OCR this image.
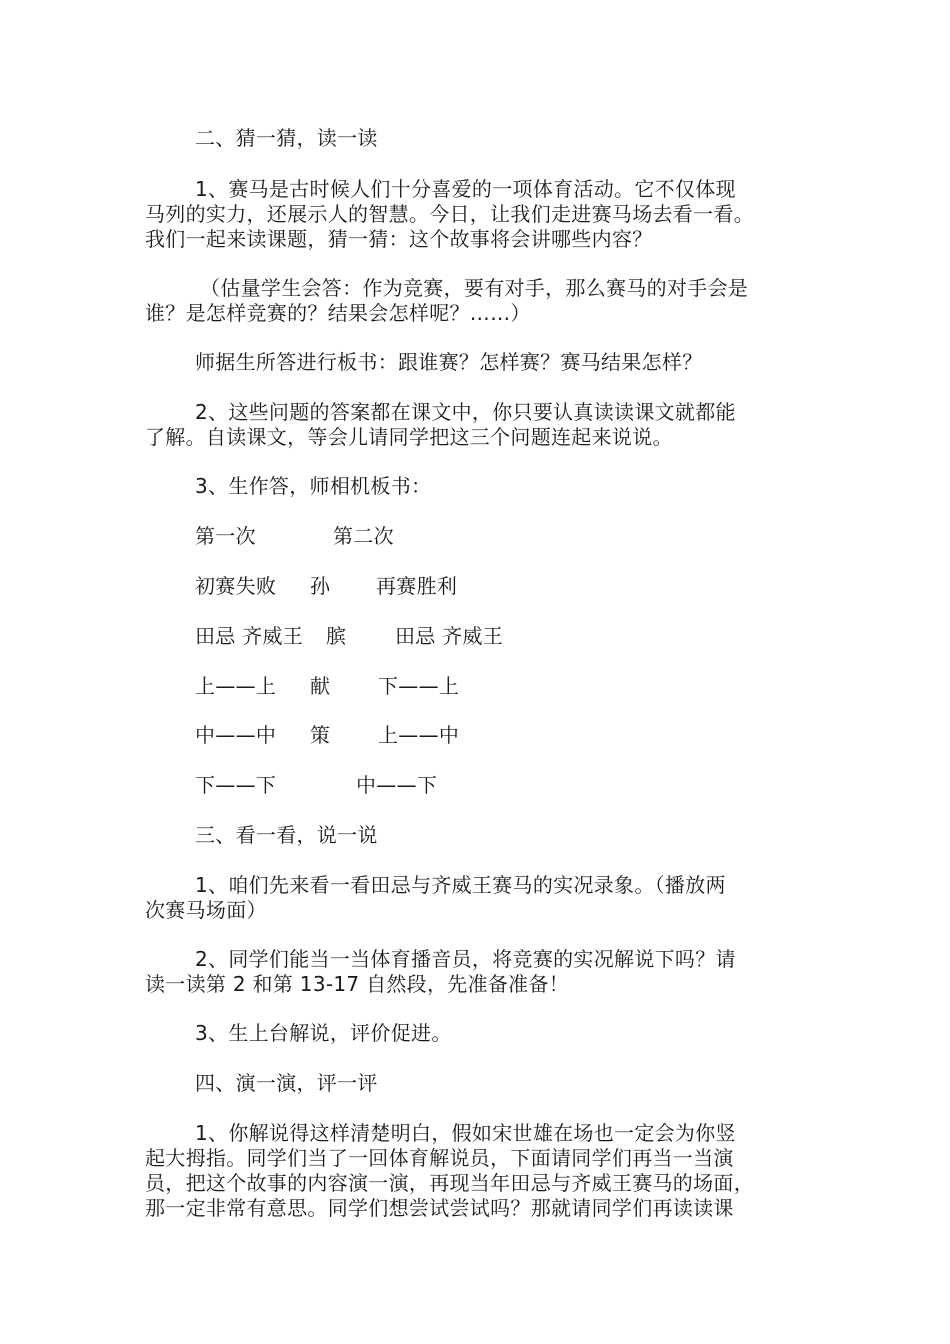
二、猜一猜，读一读
1、赛马是古时候人们十分喜爱的一项体育活动。它不仅体现
马列的实力，还展示人的智慧。今日，让我们走进赛马场去看一看。
我们一起来读课题，猜一猜：这个故事将会讲哪些内容？
（估量学生会答：作为竞赛，要有对手，那么赛马的对手会是
谁？是怎样竞赛的？结果会怎样呢？……）
师据生所答进行板书：跟谁赛？怎样赛？赛马结果怎样？
2、这些问题的答案都在课文中，你只要认真读读课文就都能
了解。自读课文，等会儿请同学把这三个问题连起来说说。
3、生作答，师相机板书：
第一次	第二次
初赛失败 孙 再赛胜利
田忌 齐威王 膑 田忌 齐威王
上——上 献 下——上
中——中 策 上——中
下——下	中——下
三、看一看，说一说
1、咱们先来看一看田忌与齐威王赛马的实况录象。（播放两
次赛马场面）
2、同学们能当一当体育播音员，将竞赛的实况解说下吗？请
读一读第 2 和第 13-17 自然段，先准备准备！
3、生上台解说，评价促进。
四、演一演，评一评
1、你解说得这样清楚明白，假如宋世雄在场也一定会为你竖
起大拇指。同学们当了一回体育解说员，下面请同学们再当一当演
员，把这个故事的内容演一演，再现当年田忌与齐威王赛马的场面，
那一定非常有意思。同学们想尝试尝试吗？那就请同学们再读读课
